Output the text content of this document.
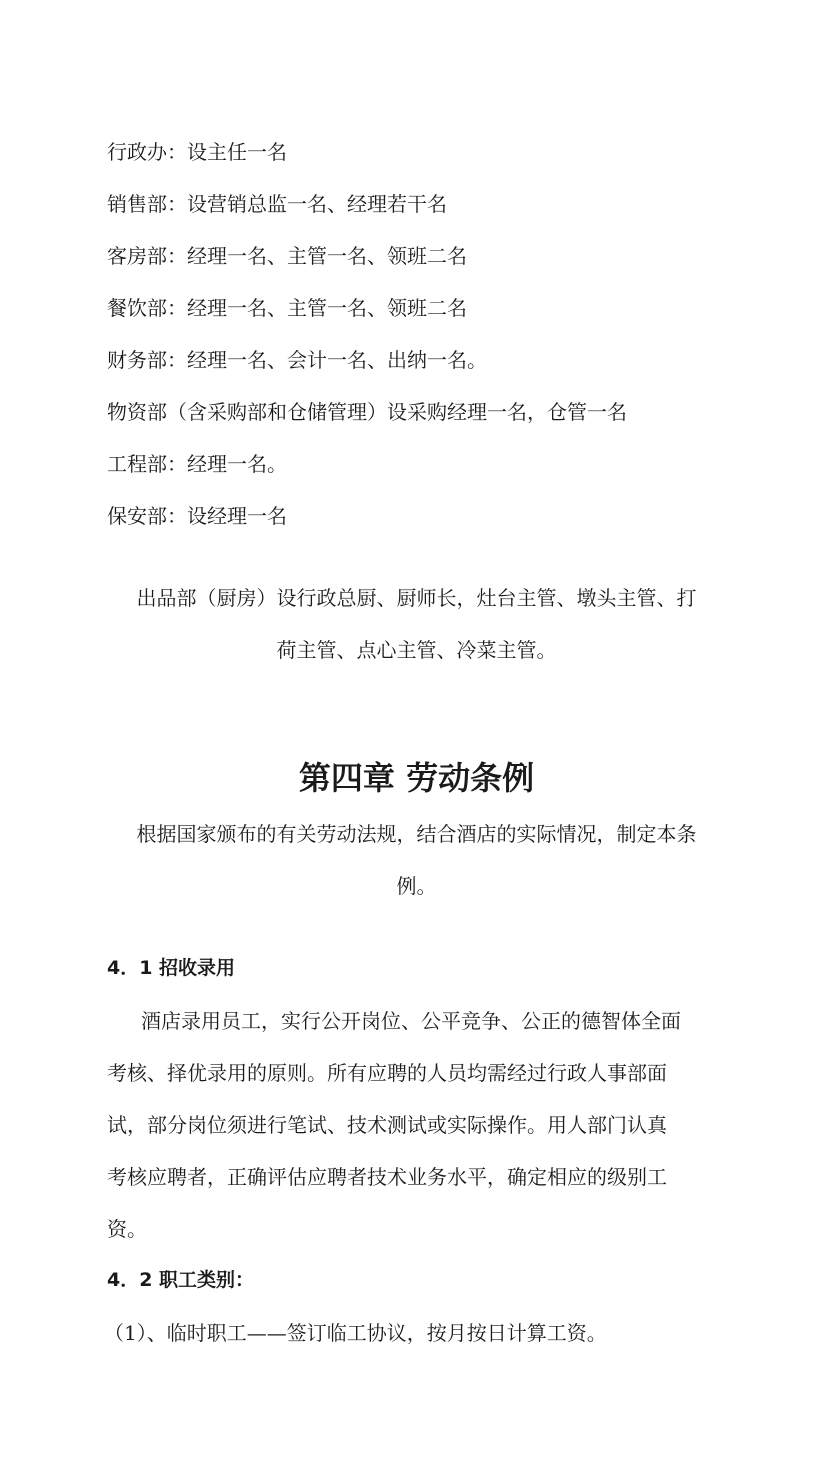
行政办：设主任一名
销售部：设营销总监一名、经理若干名
客房部：经理一名、主管一名、领班二名
餐饮部：经理一名、主管一名、领班二名
财务部：经理一名、会计一名、出纳一名。
物资部（含采购部和仓储管理）设采购经理一名，仓管一名
工程部：经理一名。
保安部：设经理一名
出品部（厨房）设行政总厨、厨师长，灶台主管、墩头主管、打
荷主管、点心主管、冷菜主管。
第四章 劳动条例
根据国家颁布的有关劳动法规，结合酒店的实际情况，制定本条
例。
4．1 招收录用
酒店录用员工，实行公开岗位、公平竞争、公正的德智体全面
考核、择优录用的原则。所有应聘的人员均需经过行政人事部面
试，部分岗位须进行笔试、技术测试或实际操作。用人部门认真
考核应聘者，正确评估应聘者技术业务水平，确定相应的级别工
资。
4．2 职工类别：
（1）、临时职工——签订临工协议，按月按日计算工资。
